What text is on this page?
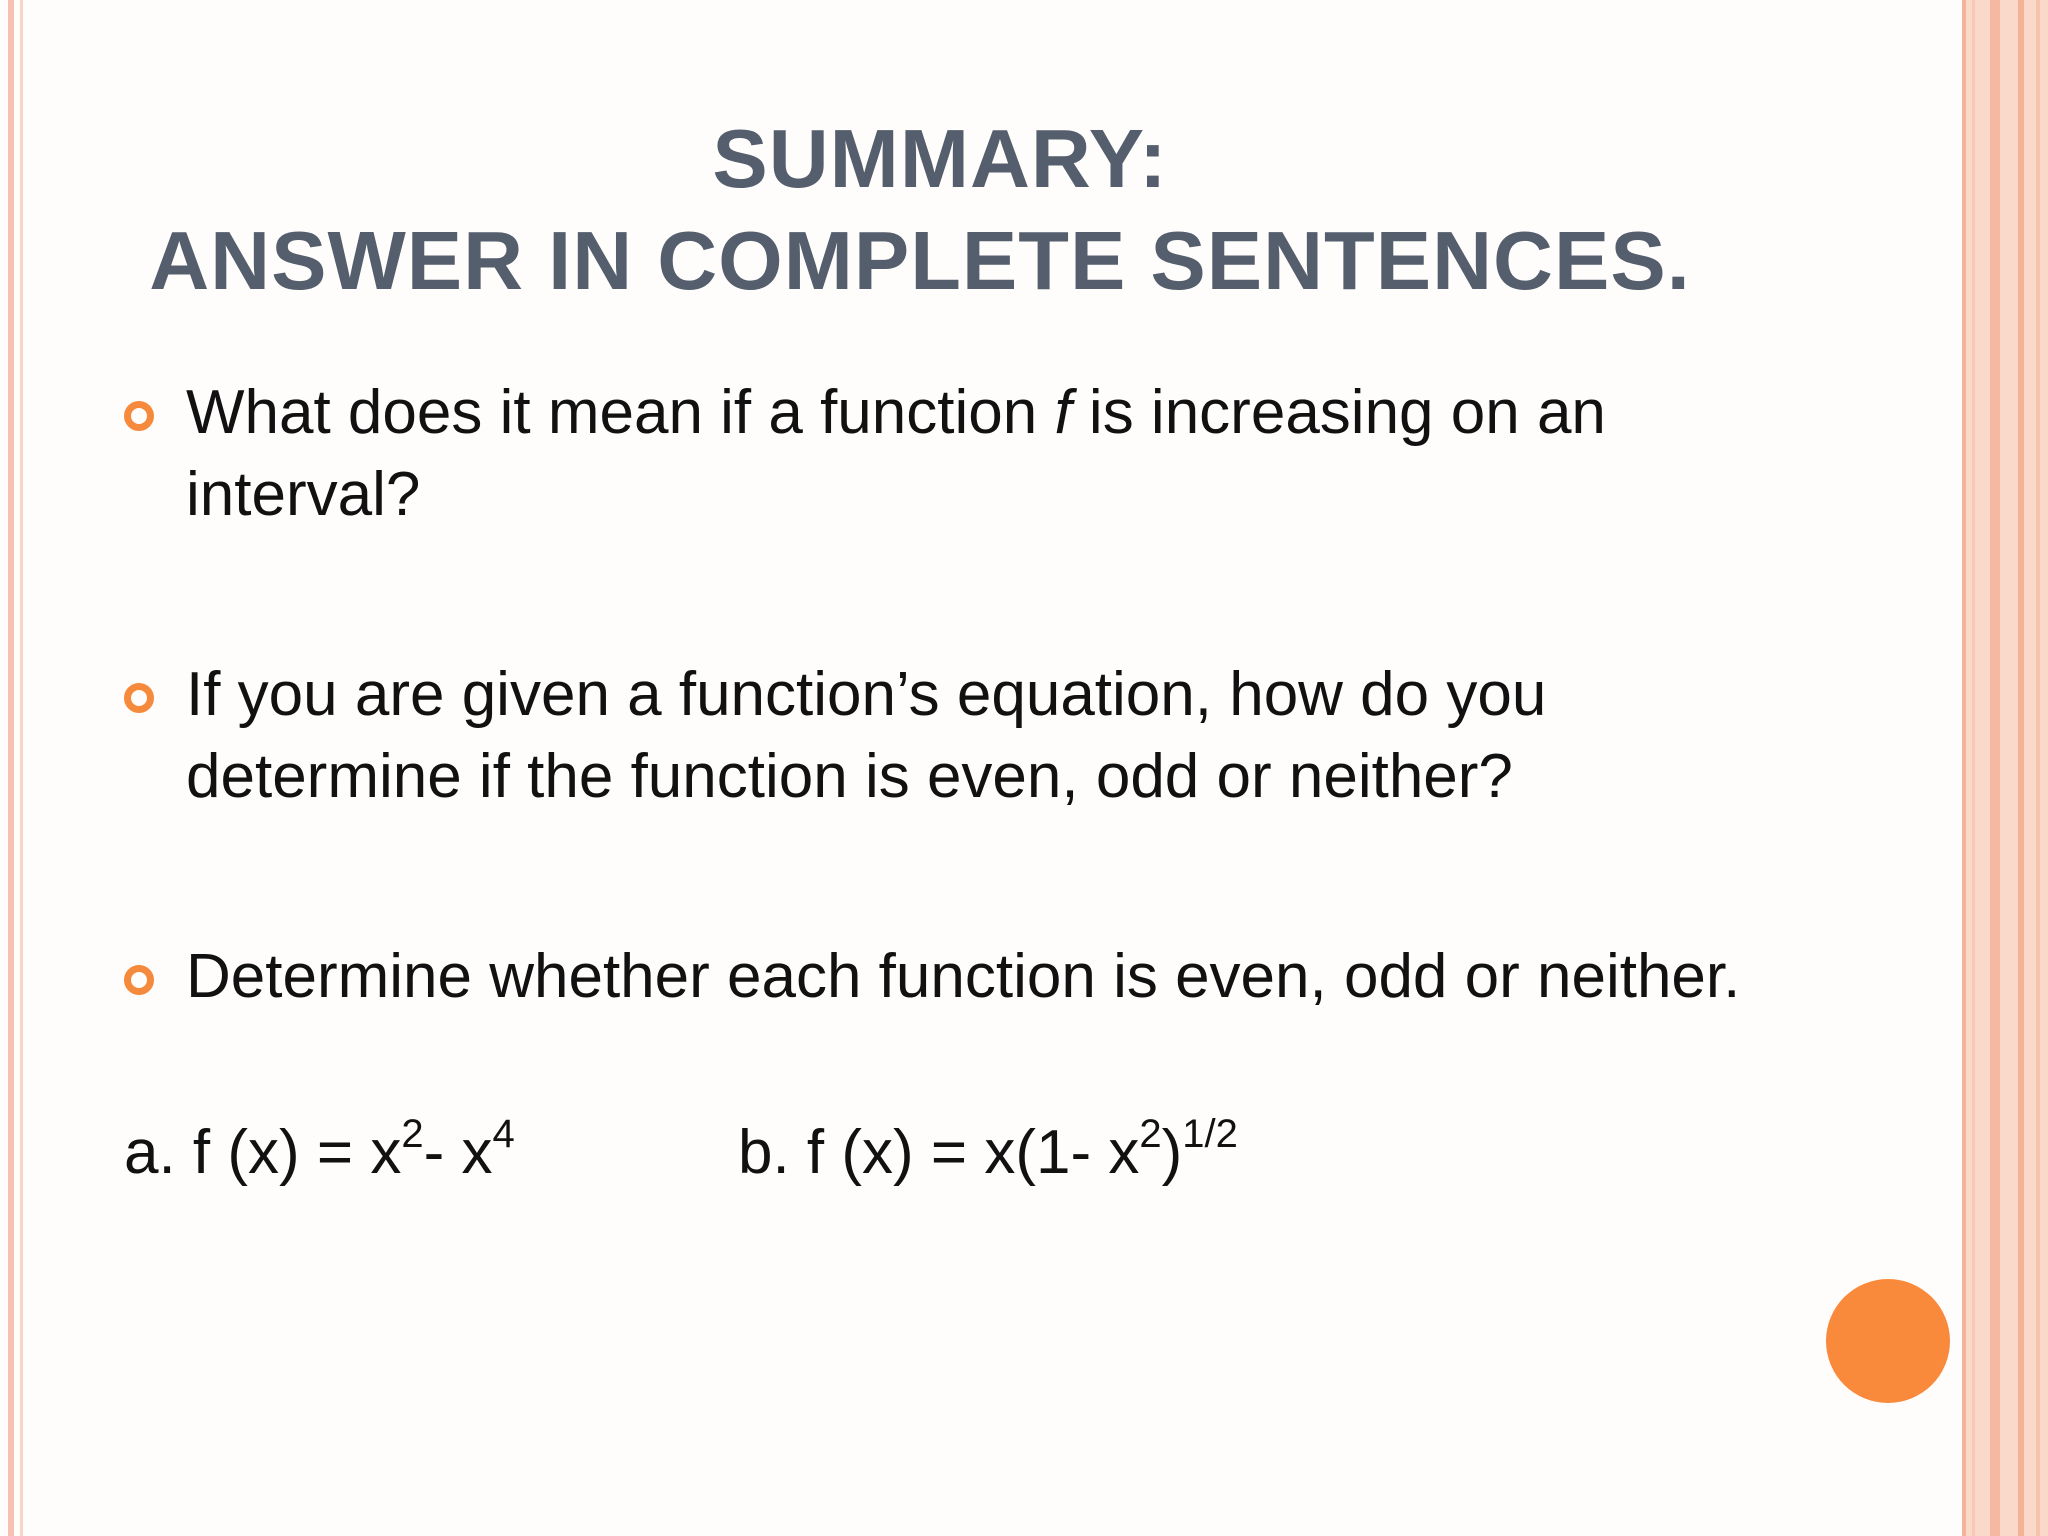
SUMMARY:
ANSWER IN COMPLETE SENTENCES.
What does it mean if a function f is increasing on an interval?
If you are given a function’s equation, how do you determine if the function is even, odd or neither?
Determine whether each function is even, odd or neither.
a. f $(x) = x^2-$ $x^4$	b. f (x) = x(1- $x^2)^{1/2}$
